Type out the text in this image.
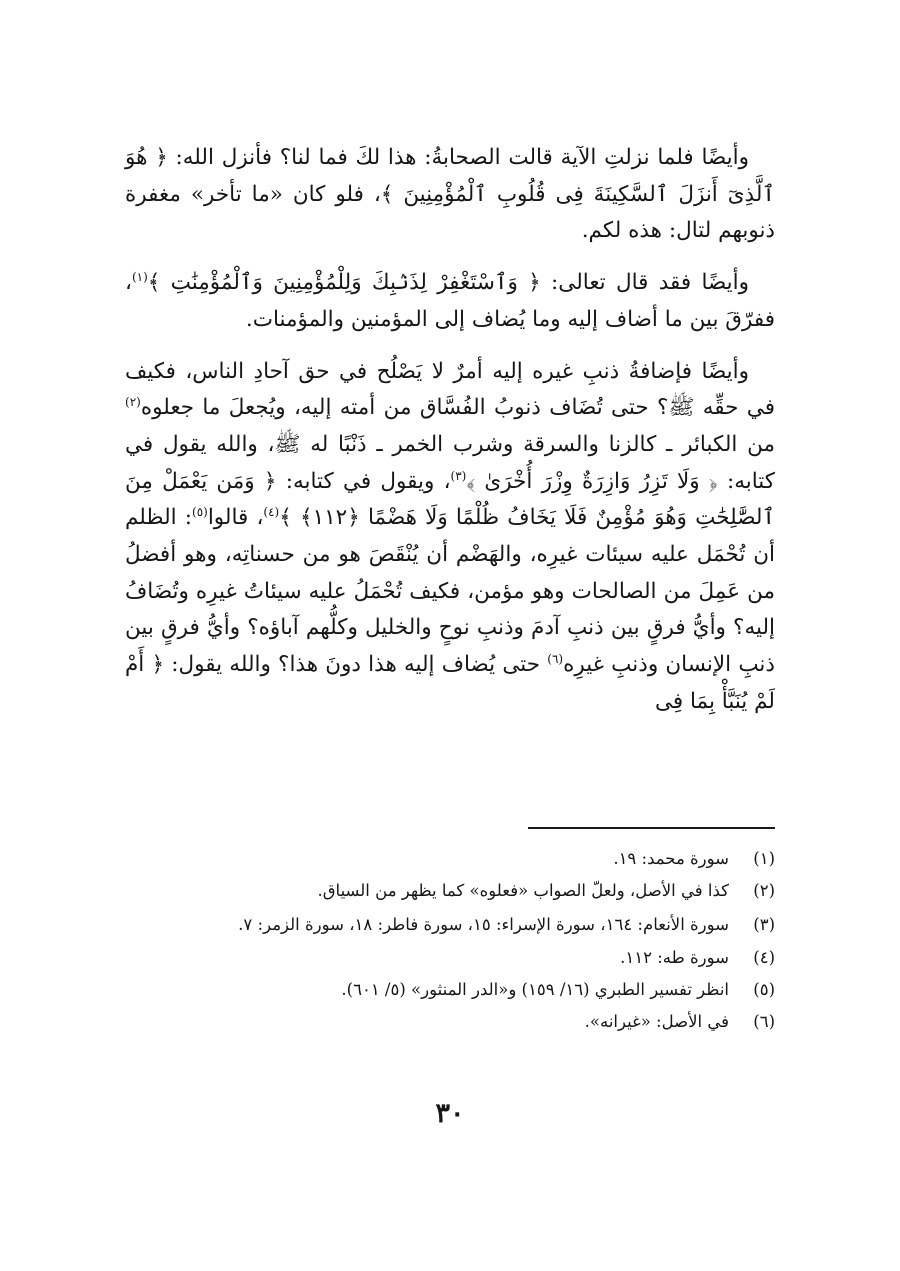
وأيضًا فلما نزلتِ الآية قالت الصحابةُ: هذا لكَ فما لنا؟ فأنزل الله: ﴿ هُوَ ٱلَّذِىٓ أَنزَلَ ٱلسَّكِينَةَ فِى قُلُوبِ ٱلْمُؤْمِنِينَ ﴾، فلو كان «ما تأخر» مغفرة ذنوبهم لتال: هذه لكم.

وأيضًا فقد قال تعالى: ﴿ وَٱسْتَغْفِرْ لِذَنۢبِكَ وَلِلْمُؤْمِنِينَ وَٱلْمُؤْمِنَٰتِ ﴾$^{(١)}$، ففرّقَ بين ما أضاف إليه وما يُضاف إلى المؤمنين والمؤمنات.

وأيضًا فإضافةُ ذنبِ غيره إليه أمرٌ لا يَصْلُح في حق آحادِ الناس، فكيف في حقِّه ﷺ؟ حتى تُضَاف ذنوبُ الفُسَّاق من أمته إليه، ويُجعلَ ما جعلوه$^{(٢)}$ من الكبائر ـ كالزنا والسرقة وشرب الخمر ـ ذَنْبًا له ﷺ، والله يقول في كتابه: ﴿ وَلَا تَزِرُ وَازِرَةٌ وِزْرَ أُخْرَىٰ ﴾$^{(٣)}$، ويقول في كتابه: ﴿ وَمَن يَعْمَلْ مِنَ ٱلصَّٰلِحَٰتِ وَهُوَ مُؤْمِنٌ فَلَا يَخَافُ ظُلْمًا وَلَا هَضْمًا ﴿١١٢﴾ ﴾$^{(٤)}$، قالوا$^{(٥)}$: الظلم أن تُحْمَل عليه سيئات غيرِه، والهَضْم أن يُنْقَصَ هو من حسناتِه، وهو أفضلُ من عَمِلَ من الصالحات وهو مؤمن، فكيف تُحْمَلُ عليه سيئاتُ غيرِه وتُضَافُ إليه؟ وأيُّ فرقٍ بين ذنبِ آدمَ وذنبِ نوحٍ والخليل وكلُّهم آباؤه؟ وأيُّ فرقٍ بين ذنبِ الإنسان وذنبِ غيرِه$^{(٦)}$ حتى يُضاف إليه هذا دونَ هذا؟ والله يقول: ﴿ أَمْ لَمْ يُنَبَّأْ بِمَا فِى

(١)
سورة محمد: ١٩.
(٢)
كذا في الأصل، ولعلّ الصواب «فعلوه» كما يظهر من السياق.
(٣)
سورة الأنعام: ١٦٤، سورة الإسراء: ١٥، سورة فاطر: ١٨، سورة الزمر: ٧.
(٤)
سورة طه: ١١٢.
(٥)
انظر تفسير الطبري (١٦/ ١٥٩) و«الدر المنثور» (٥/ ٦٠١).
(٦)
في الأصل: «غيرانه».
٣٠
